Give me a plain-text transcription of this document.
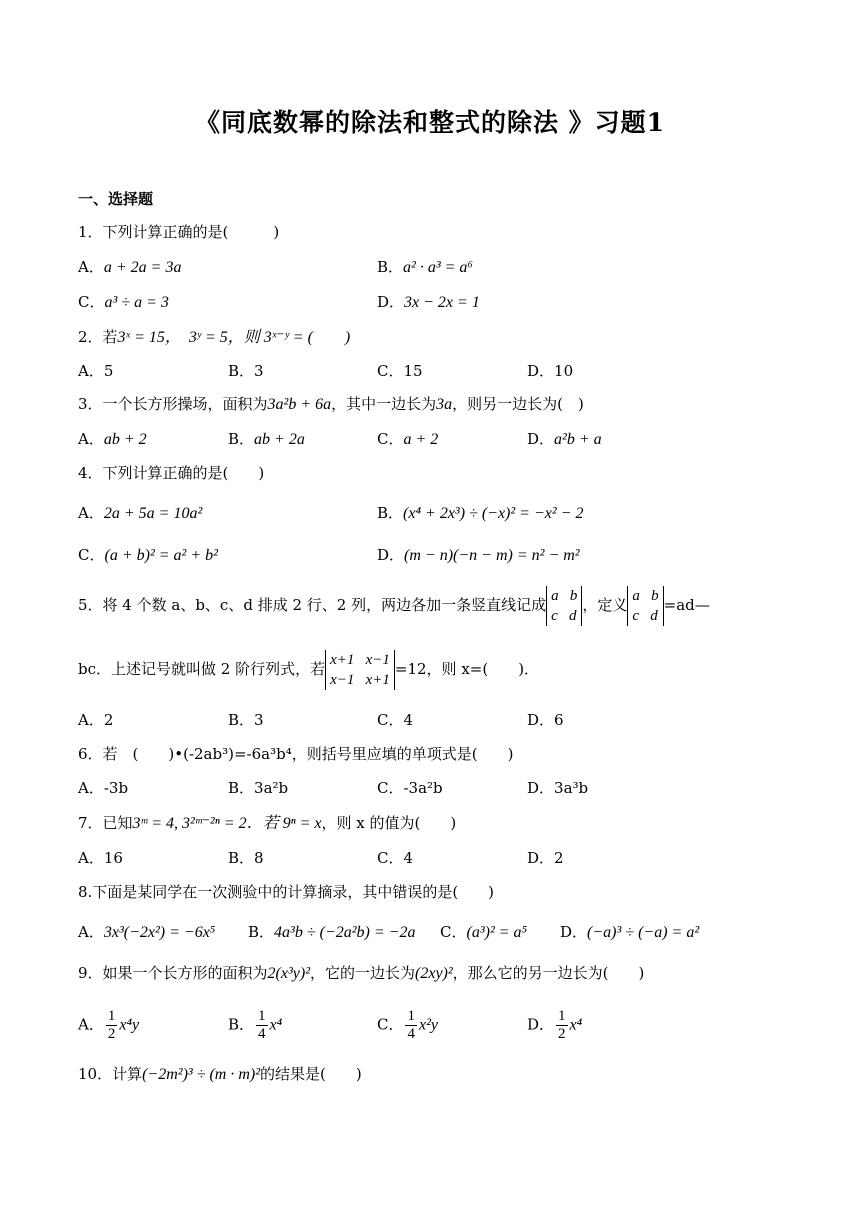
《同底数幂的除法和整式的除法 》习题1
一、选择题
1．下列计算正确的是(　　　)
A．a + 2a = 3a	B．a² · a³ = a⁶
C．a³ ÷ a = 3	D．3x − 2x = 1
2．若3ˣ = 15，　3ʸ = 5，则 3ˣ⁻ʸ = (　　)
A．5	B．3	C．15	D．10
3．一个长方形操场，面积为3a²b + 6a，其中一边长为3a，则另一边长为(　)
A．ab + 2	B．ab + 2a	C．a + 2	D．a²b + a
4．下列计算正确的是(　　)
A．2a + 5a = 10a²	B．(x⁴ + 2x³) ÷ (−x)² = −x² − 2
C．(a + b)² = a² + b²	D．(m − n)(−n − m) = n² − m²
5．将 4 个数 a、b、c、d 排成 2 行、2 列，两边各加一条竖直线记成 a   b
c   d
，定义 a   b
c   d
=ad—
bc．上述记号就叫做 2 阶行列式，若 x+1   x−1
x−1   x+1
=12，则 x=(　　)．
A．2	B．3	C．4	D．6
6．若　(　　)•(-2ab³)=-6a³b⁴，则括号里应填的单项式是(　　)
A．-3b	B．3a²b	C．-3a²b	D．3a³b
7．已知3ᵐ = 4, 3²ᵐ⁻²ⁿ = 2．若 9ⁿ = x，则 x 的值为(　　)
A．16	B．8	C．4	D．2
8.下面是某同学在一次测验中的计算摘录，其中错误的是(　　)
A．3x³(−2x²) = −6x⁵ B．4a³b ÷ (−2a²b) = −2a C．(a³)² = a⁵ D．(−a)³ ÷ (−a) = a²
9．如果一个长方形的面积为2(x³y)²，它的一边长为(2xy)²，那么它的另一边长为(　　)
A． $\frac{1}{2} x^4y$	B． $\frac{1}{4} x^4$	C． $\frac{1}{4} x^2y$	D． $\frac{1}{2} x^4$
10．计算(−2m²)³ ÷ (m · m)²的结果是(　　)
